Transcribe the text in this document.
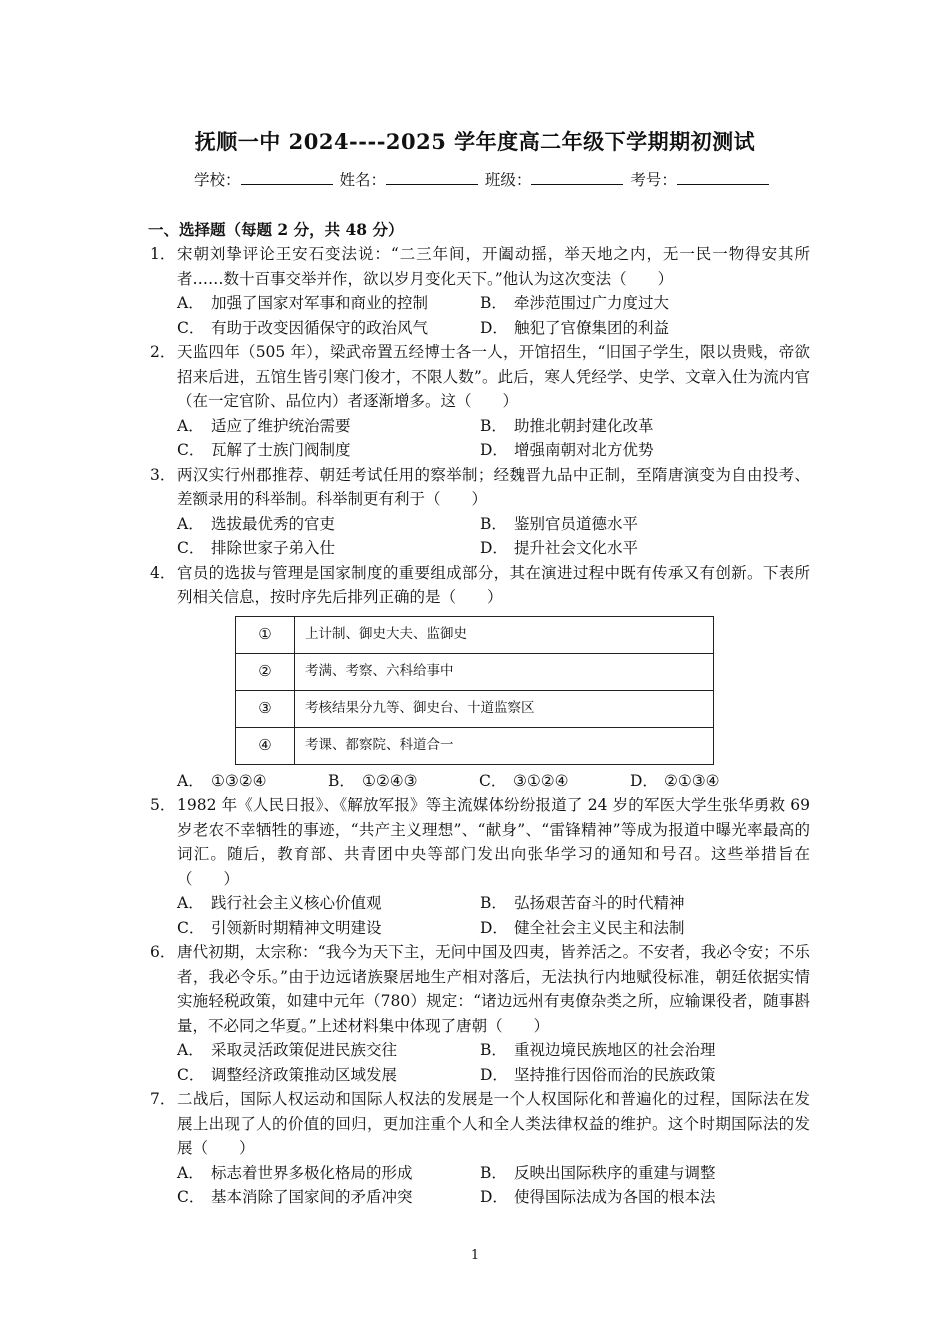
抚顺一中 2024----2025 学年度高二年级下学期期初测试
学校：	姓名：	班级：	考号：
一、选择题（每题 2 分，共 48 分）
1． 宋朝刘挚评论王安石变法说：“二三年间，开阖动摇，举天地之内，无一民一物得安其所者……数十百事交举并作，欲以岁月变化天下。”他认为这次变法（　　）
A． 加强了国家对军事和商业的控制	B． 牵涉范围过广力度过大
C． 有助于改变因循保守的政治风气	D． 触犯了官僚集团的利益
2． 天监四年（505 年），梁武帝置五经博士各一人，开馆招生，“旧国子学生，限以贵贱，帝欲招来后进，五馆生皆引寒门俊才，不限人数”。此后，寒人凭经学、史学、文章入仕为流内官（在一定官阶、品位内）者逐渐增多。这（　　）
A． 适应了维护统治需要	B． 助推北朝封建化改革
C． 瓦解了士族门阀制度	D． 增强南朝对北方优势
3． 两汉实行州郡推荐、朝廷考试任用的察举制；经魏晋九品中正制，至隋唐演变为自由投考、差额录用的科举制。科举制更有利于（　　）
A． 选拔最优秀的官吏	B． 鉴别官员道德水平
C． 排除世家子弟入仕	D． 提升社会文化水平
4． 官员的选拔与管理是国家制度的重要组成部分，其在演进过程中既有传承又有创新。下表所列相关信息，按时序先后排列正确的是（　　）
①	上计制、御史大夫、监御史
②	考满、考察、六科给事中
③	考核结果分九等、御史台、十道监察区
④	考课、都察院、科道合一
A． ①③②④	B． ①②④③	C． ③①②④	D． ②①③④
5． 1982 年《人民日报》、《解放军报》等主流媒体纷纷报道了 24 岁的军医大学生张华勇救 69 岁老农不幸牺牲的事迹，“共产主义理想”、“献身”、“雷锋精神”等成为报道中曝光率最高的词汇。随后，教育部、共青团中央等部门发出向张华学习的通知和号召。这些举措旨在（　　）
A． 践行社会主义核心价值观	B． 弘扬艰苦奋斗的时代精神
C． 引领新时期精神文明建设	D． 健全社会主义民主和法制
6． 唐代初期，太宗称：“我今为天下主，无问中国及四夷，皆养活之。不安者，我必令安；不乐者，我必令乐。”由于边远诸族聚居地生产相对落后，无法执行内地赋役标准，朝廷依据实情实施轻税政策，如建中元年（780）规定：“诸边远州有夷僚杂类之所，应输课役者，随事斟量，不必同之华夏。”上述材料集中体现了唐朝（　　）
A． 采取灵活政策促进民族交往	B． 重视边境民族地区的社会治理
C． 调整经济政策推动区域发展	D． 坚持推行因俗而治的民族政策
7． 二战后，国际人权运动和国际人权法的发展是一个人权国际化和普遍化的过程，国际法在发展上出现了人的价值的回归，更加注重个人和全人类法律权益的维护。这个时期国际法的发展（　　）
A． 标志着世界多极化格局的形成	B． 反映出国际秩序的重建与调整
C． 基本消除了国家间的矛盾冲突	D． 使得国际法成为各国的根本法
1
